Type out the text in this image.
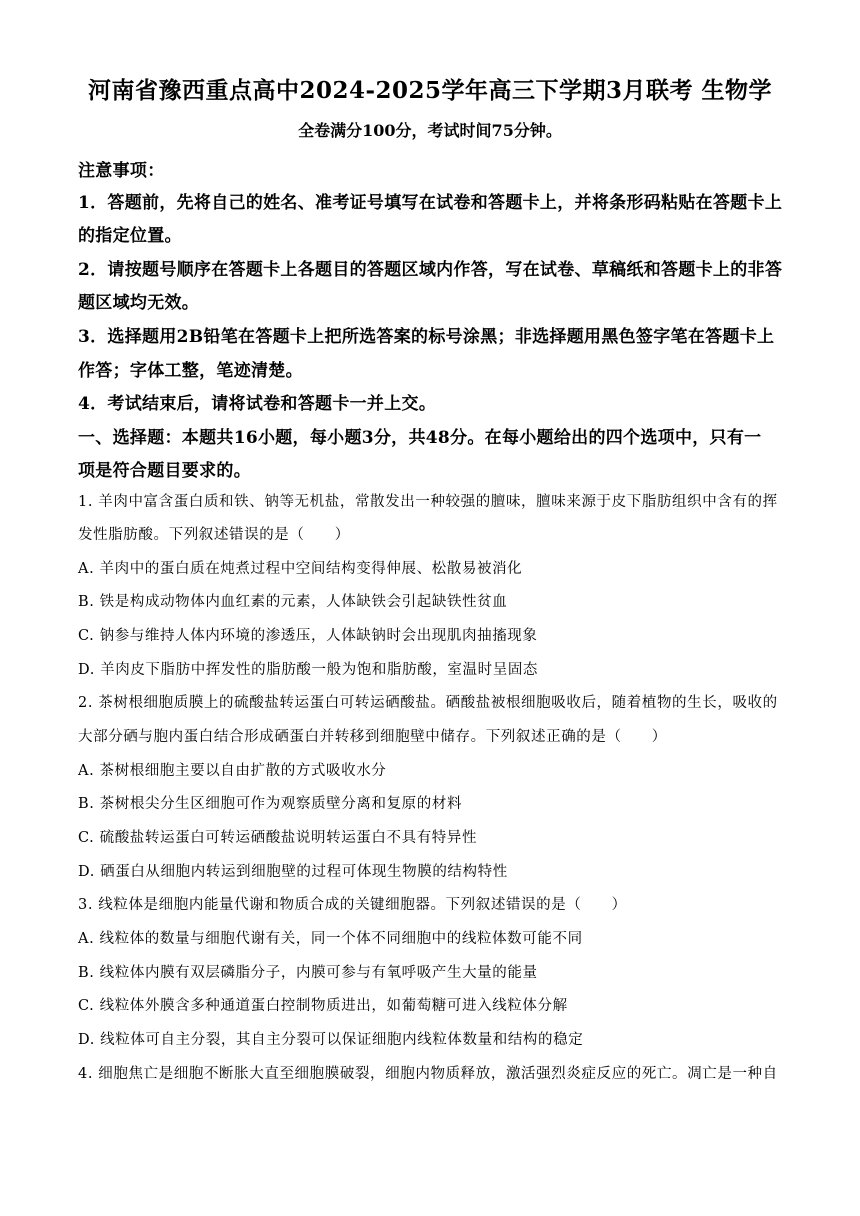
河南省豫西重点高中2024-2025学年高三下学期3月联考 生物学
全卷满分100分，考试时间75分钟。
注意事项：
1．答题前，先将自己的姓名、准考证号填写在试卷和答题卡上，并将条形码粘贴在答题卡上
的指定位置。
2．请按题号顺序在答题卡上各题目的答题区域内作答，写在试卷、草稿纸和答题卡上的非答
题区域均无效。
3．选择题用2B铅笔在答题卡上把所选答案的标号涂黑；非选择题用黑色签字笔在答题卡上
作答；字体工整，笔迹清楚。
4．考试结束后，请将试卷和答题卡一并上交。
一、选择题：本题共16小题，每小题3分，共48分。在每小题给出的四个选项中，只有一
项是符合题目要求的。
1. 羊肉中富含蛋白质和铁、钠等无机盐，常散发出一种较强的膻味，膻味来源于皮下脂肪组织中含有的挥
发性脂肪酸。下列叙述错误的是（　　）
A. 羊肉中的蛋白质在炖煮过程中空间结构变得伸展、松散易被消化
B. 铁是构成动物体内血红素的元素，人体缺铁会引起缺铁性贫血
C. 钠参与维持人体内环境的渗透压，人体缺钠时会出现肌肉抽搐现象
D. 羊肉皮下脂肪中挥发性的脂肪酸一般为饱和脂肪酸，室温时呈固态
2. 茶树根细胞质膜上的硫酸盐转运蛋白可转运硒酸盐。硒酸盐被根细胞吸收后，随着植物的生长，吸收的
大部分硒与胞内蛋白结合形成硒蛋白并转移到细胞壁中储存。下列叙述正确的是（　　）
A. 茶树根细胞主要以自由扩散的方式吸收水分
B. 茶树根尖分生区细胞可作为观察质壁分离和复原的材料
C. 硫酸盐转运蛋白可转运硒酸盐说明转运蛋白不具有特异性
D. 硒蛋白从细胞内转运到细胞壁的过程可体现生物膜的结构特性
3. 线粒体是细胞内能量代谢和物质合成的关键细胞器。下列叙述错误的是（　　）
A. 线粒体的数量与细胞代谢有关，同一个体不同细胞中的线粒体数可能不同
B. 线粒体内膜有双层磷脂分子，内膜可参与有氧呼吸产生大量的能量
C. 线粒体外膜含多种通道蛋白控制物质进出，如葡萄糖可进入线粒体分解
D. 线粒体可自主分裂，其自主分裂可以保证细胞内线粒体数量和结构的稳定
4. 细胞焦亡是细胞不断胀大直至细胞膜破裂，细胞内物质释放，激活强烈炎症反应的死亡。凋亡是一种自
